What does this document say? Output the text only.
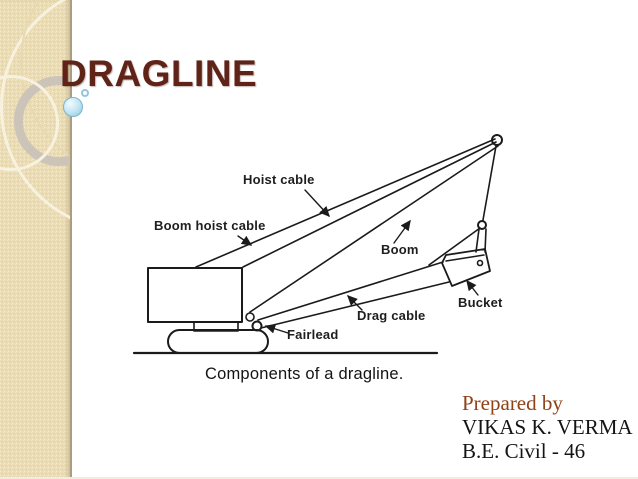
DRAGLINE
Hoist cable
Boom hoist cable
Boom
Drag cable
Bucket
Fairlead
Components of a dragline.
Prepared by
VIKAS K. VERMA
B.E. Civil - 46
